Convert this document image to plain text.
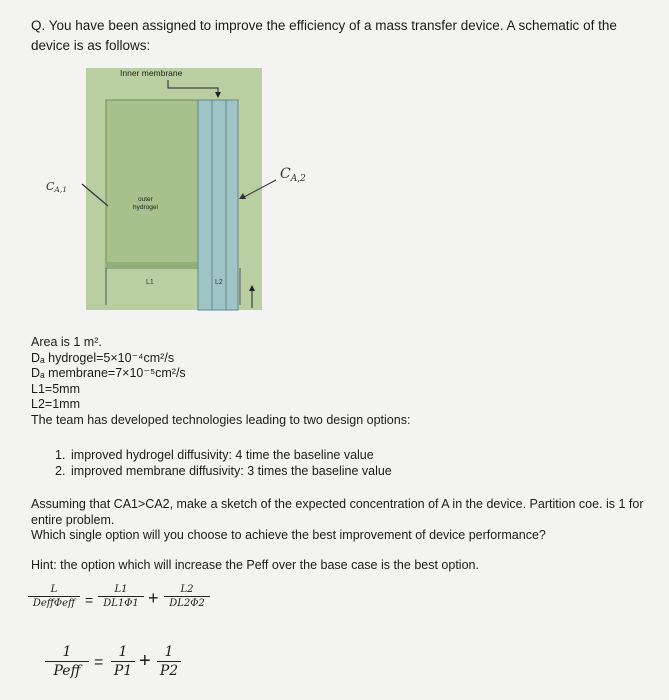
Q. You have been assigned to improve the efficiency of a mass transfer device. A schematic of the device is as follows:

Inner membrane
outer
hydrogel
L1	L2
CA,1
$C_{A,2}$
Area is 1 m².
Dₐ hydrogel=5×10⁻⁴cm²/s
Dₐ membrane=7×10⁻⁵cm²/s
L1=5mm
L2=1mm
The team has developed technologies leading to two design options:
1. improved hydrogel diffusivity: 4 time the baseline value
2. improved membrane diffusivity: 3 times the baseline value
Assuming that CA1>CA2, make a sketch of the expected concentration of A in the device. Partition coe. is 1 for entire problem.
Which single option will you choose to achieve the best improvement of device performance?
Hint: the option which will increase the Peff over the base case is the best option.
L
DeffΦeff = $\frac{L1}{DL1\Phi 1} + \frac{L2}{DL2\Phi 2}$
1
Peff = $\frac{1}{P1} + \frac{1}{P2}$
